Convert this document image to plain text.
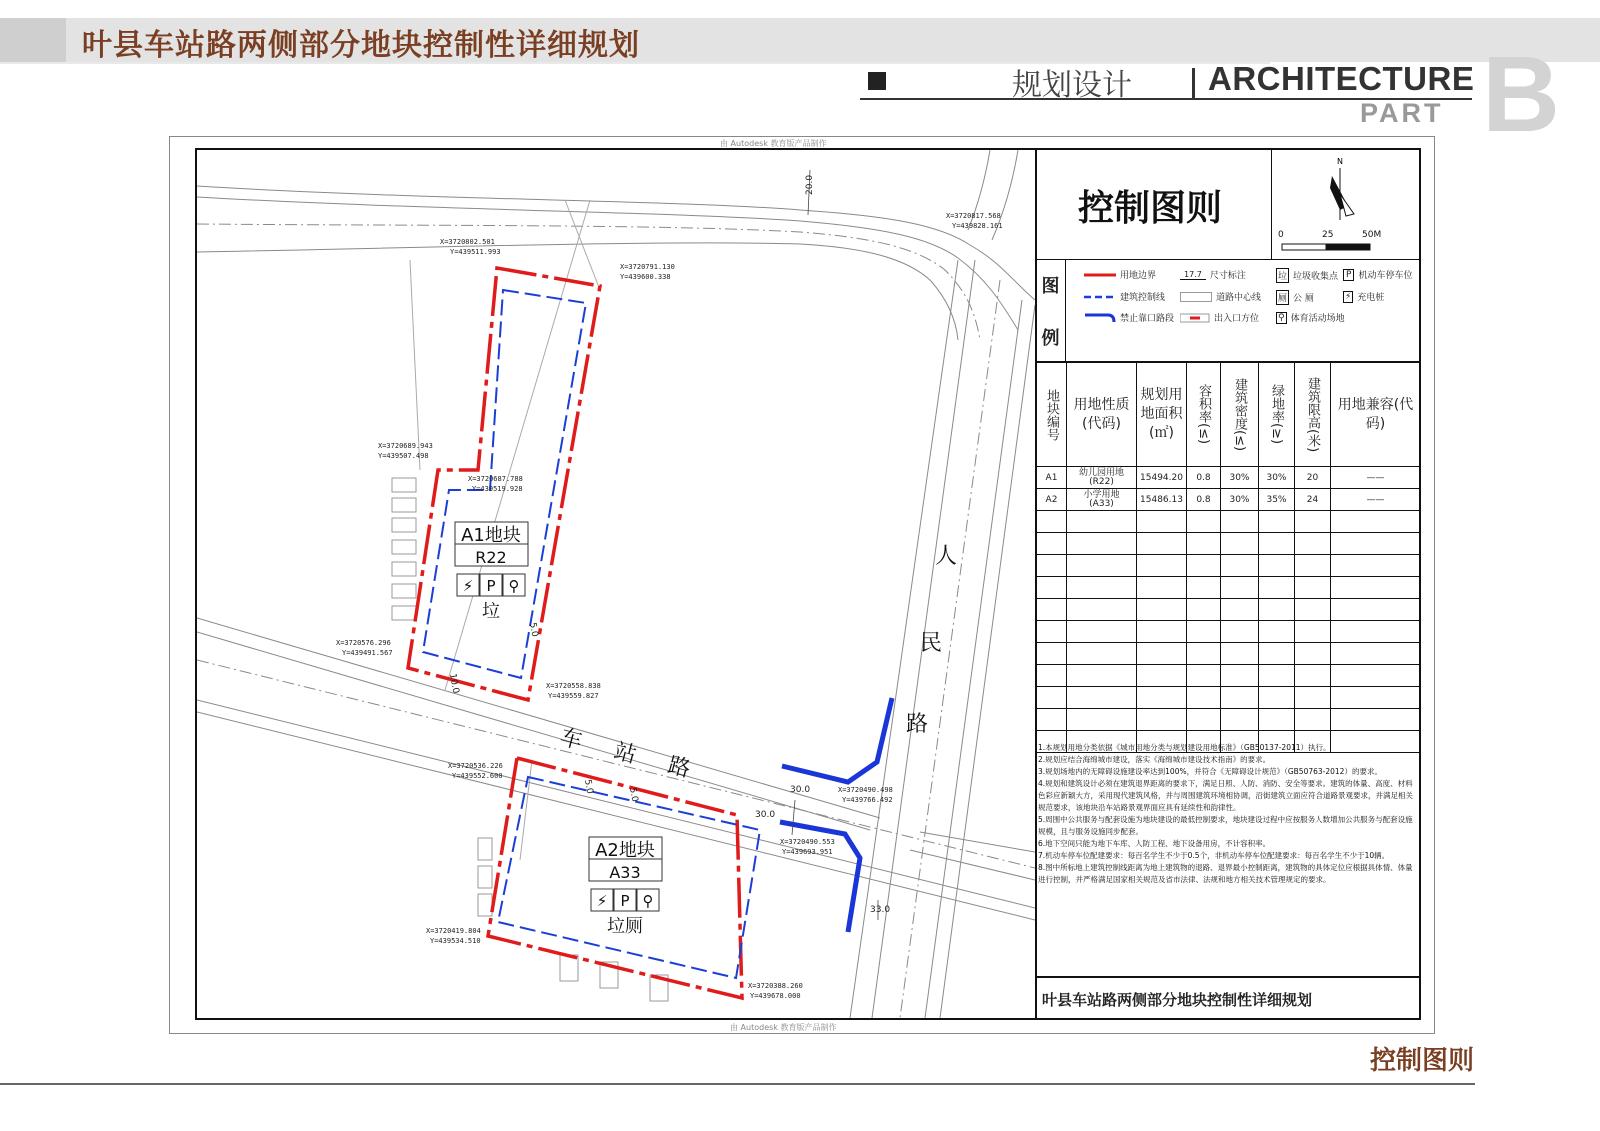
叶县车站路两侧部分地块控制性详细规划
规划设计 ARCHITECTURE
PART B
由 Autodesk 教育版产品制作
由 Autodesk 教育版产品制作
20.0
30.0
30.0
33.0
10.0
5.0
5.0
5.0
X=3720802.501
Y=439511.993
X=3720791.130
Y=439600.338
X=3720689.943
Y=439507.498
X=3720687.788
Y=439519.928
X=3720576.296
Y=439491.567
X=3720558.838
Y=439559.827
X=3720817.568
Y=439828.161
X=3720490.498
Y=439766.492
X=3720536.226
Y=439552.600
X=3720490.553
Y=439693.951
X=3720419.804
Y=439534.510
X=3720388.260
Y=439678.000
车 站 路
人
民
路
A1地块
R22
⚡ P ⚲
垃
A2地块
A33
⚡ P ⚲
垃厕
控制图则
N
0	25	50M
图
例
用地边界
建筑控制线
禁止靠口路段
17.7 尺寸标注
道路中心线
出入口方位
垃 垃圾收集点
厕 公 厕
⚲ 体育活动场地
P 机动车停车位
⚡ 充电桩
地块编号	用地性质(代码)	规划用地面积(㎡)	容积率(≤)	建筑密度(≤)	绿地率(≥)	建筑限高(米)	用地兼容(代码)
A1	幼儿园用地
(R22)	15494.20	0.8	30%	30%	20	——
A2	小学用地
(A33)	15486.13	0.8	30%	35%	24	——

1.本规划用地分类依据《城市用地分类与规划建设用地标准》（GB50137-2011）执行。
2.规划应结合海绵城市建设，落实《海绵城市建设技术指南》的要求。
3.规划场地内的无障碍设施建设率达到100%，并符合《无障碍设计规范》（GB50763-2012）的要求。
4.规划和建筑设计必须在建筑退界距离的要求下，满足日照、人防、消防、安全等要求。建筑的体量、高度、材料色彩应新颖大方，采用现代建筑风格，并与周围建筑环境相协调，沿街建筑立面应符合道路景观要求，并满足相关规范要求，该地块沿车站路景观界面应具有延续性和韵律性。
5.周围中公共服务与配套设施为地块建设的最低控制要求，地块建设过程中应按服务人数增加公共服务与配套设施规模，且与服务设施同步配套。
6.地下空间只能为地下车库、人防工程、地下设备用房，不计容积率。
7.机动车停车位配建要求：每百名学生不少于0.5个，非机动车停车位配建要求：每百名学生不少于10辆。
8.图中所标地上建筑控制线距离为地上建筑物的退路、退界最小控制距离，建筑物的具体定位应根据具体情、体量进行控制，并严格满足国家相关规范及省市法律、法规和地方相关技术管理规定的要求。
叶县车站路两侧部分地块控制性详细规划
控制图则
